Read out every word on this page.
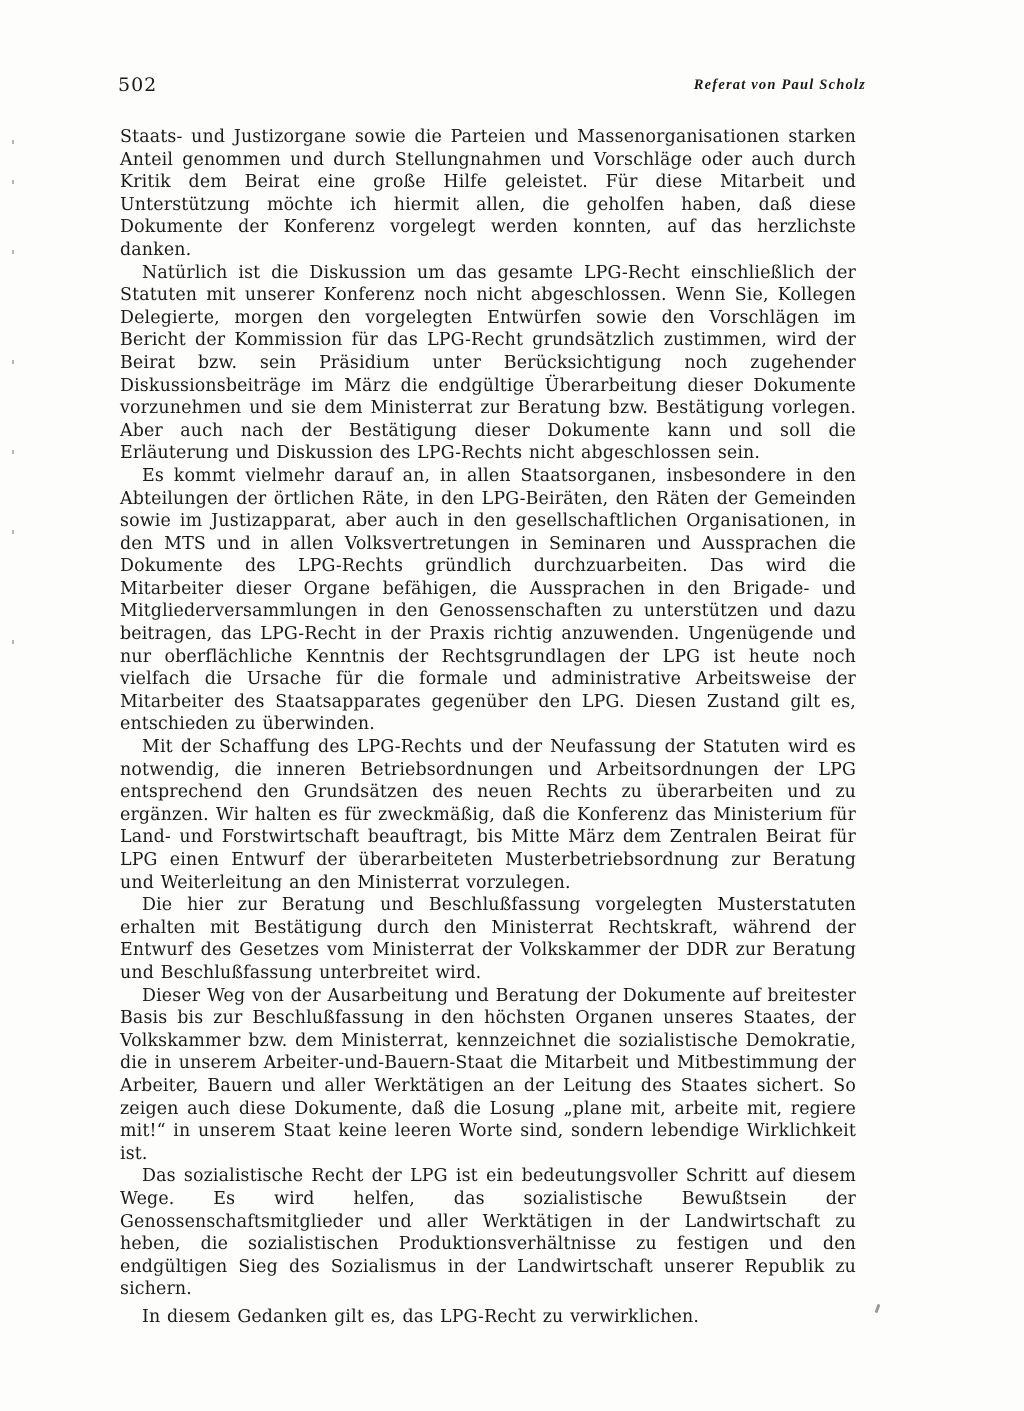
502	Referat von Paul Scholz

Staats- und Justizorgane sowie die Parteien und Massenorganisationen starken Anteil genommen und durch Stellungnahmen und Vorschläge oder auch durch Kritik dem Beirat eine große Hilfe geleistet. Für diese Mitarbeit und Unterstützung möchte ich hiermit allen, die geholfen haben, daß diese Dokumente der Konferenz vorgelegt werden konnten, auf das herzlichste danken.

Natürlich ist die Diskussion um das gesamte LPG-Recht einschließlich der Statuten mit unserer Konferenz noch nicht abgeschlossen. Wenn Sie, Kollegen Delegierte, morgen den vorgelegten Entwürfen sowie den Vorschlägen im Bericht der Kommission für das LPG-Recht grundsätzlich zustimmen, wird der Beirat bzw. sein Präsidium unter Berücksichtigung noch zugehender Diskussionsbeiträge im März die endgültige Überarbeitung dieser Dokumente vorzunehmen und sie dem Ministerrat zur Beratung bzw. Bestätigung vorlegen. Aber auch nach der Bestätigung dieser Dokumente kann und soll die Erläuterung und Diskussion des LPG-Rechts nicht abgeschlossen sein.

Es kommt vielmehr darauf an, in allen Staatsorganen, insbesondere in den Abteilungen der örtlichen Räte, in den LPG-Beiräten, den Räten der Gemeinden sowie im Justizapparat, aber auch in den gesellschaftlichen Organisationen, in den MTS und in allen Volksvertretungen in Seminaren und Aussprachen die Dokumente des LPG-Rechts gründlich durchzuarbeiten. Das wird die Mitarbeiter dieser Organe befähigen, die Aussprachen in den Brigade- und Mitgliederversammlungen in den Genossenschaften zu unterstützen und dazu beitragen, das LPG-Recht in der Praxis richtig anzuwenden. Ungenügende und nur oberflächliche Kenntnis der Rechtsgrundlagen der LPG ist heute noch vielfach die Ursache für die formale und administrative Arbeitsweise der Mitarbeiter des Staatsapparates gegenüber den LPG. Diesen Zustand gilt es, entschieden zu überwinden.

Mit der Schaffung des LPG-Rechts und der Neufassung der Statuten wird es notwendig, die inneren Betriebsordnungen und Arbeitsordnungen der LPG entsprechend den Grundsätzen des neuen Rechts zu überarbeiten und zu ergänzen. Wir halten es für zweckmäßig, daß die Konferenz das Ministerium für Land- und Forstwirtschaft beauftragt, bis Mitte März dem Zentralen Beirat für LPG einen Entwurf der überarbeiteten Musterbetriebsordnung zur Beratung und Weiterleitung an den Ministerrat vorzulegen.

Die hier zur Beratung und Beschlußfassung vorgelegten Musterstatuten erhalten mit Bestätigung durch den Ministerrat Rechtskraft, während der Entwurf des Gesetzes vom Ministerrat der Volkskammer der DDR zur Beratung und Beschlußfassung unterbreitet wird.

Dieser Weg von der Ausarbeitung und Beratung der Dokumente auf breitester Basis bis zur Beschlußfassung in den höchsten Organen unseres Staates, der Volkskammer bzw. dem Ministerrat, kennzeichnet die sozialistische Demokratie, die in unserem Arbeiter-und-Bauern-Staat die Mitarbeit und Mitbestimmung der Arbeiter, Bauern und aller Werktätigen an der Leitung des Staates sichert. So zeigen auch diese Dokumente, daß die Losung „plane mit, arbeite mit, regiere mit!“ in unserem Staat keine leeren Worte sind, sondern lebendige Wirklichkeit ist.

Das sozialistische Recht der LPG ist ein bedeutungsvoller Schritt auf diesem Wege. Es wird helfen, das sozialistische Bewußtsein der Genossenschaftsmitglieder und aller Werktätigen in der Landwirtschaft zu heben, die sozialistischen Produktionsverhältnisse zu festigen und den endgültigen Sieg des Sozialismus in der Landwirtschaft unserer Republik zu sichern.

In diesem Gedanken gilt es, das LPG-Recht zu verwirklichen.
